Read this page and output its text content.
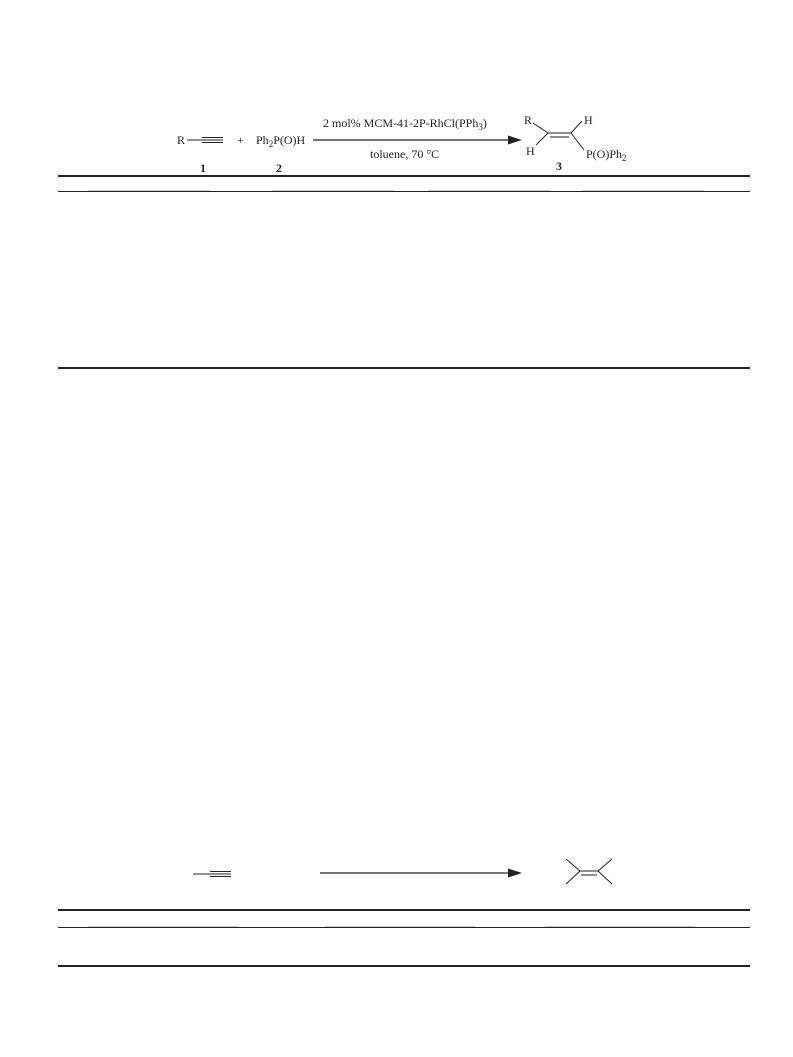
R	+ $Ph_2P(O)H$
2 mol% MCM-41-2P-RhCl(PPh$_3$)
toluene, 70 °C
R	H
H	$P(O)Ph_2$
1	2	3
